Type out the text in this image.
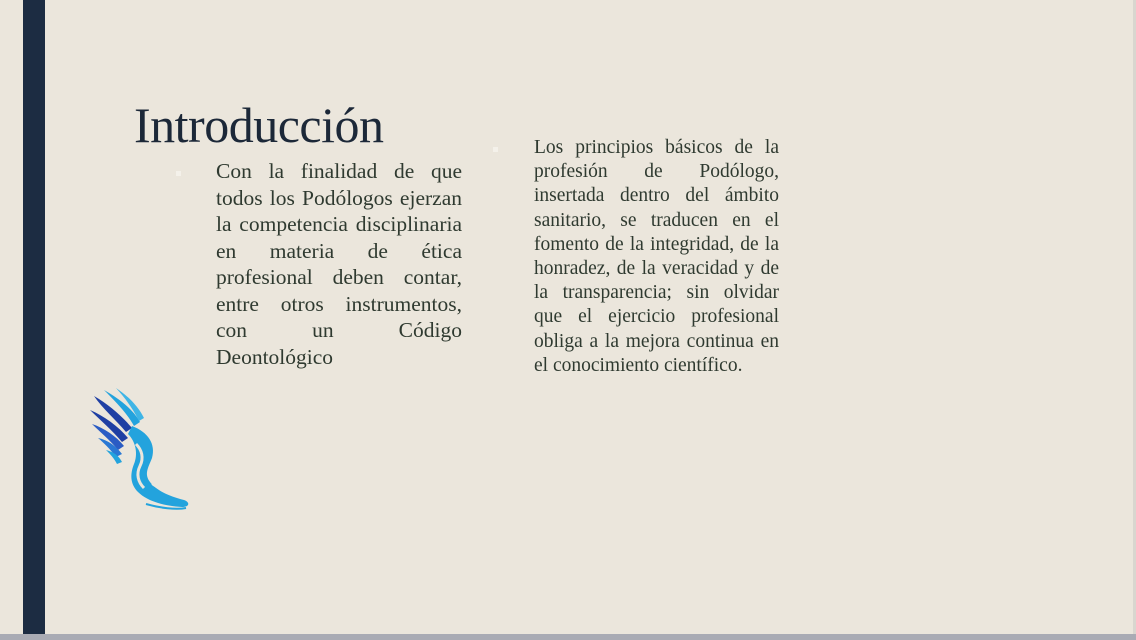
Introducción
Con la finalidad de que todos los Podólogos ejerzan la competencia disciplinaria en materia de ética profesional deben contar, entre otros instrumentos, con un Código Deontológico
Los principios básicos de la profesión de Podólogo, insertada dentro del ámbito sanitario, se traducen en el fomento de la integridad, de la honradez, de la veracidad y de la transparencia; sin olvidar que el ejercicio profesional obliga a la mejora continua en el conocimiento científico.
